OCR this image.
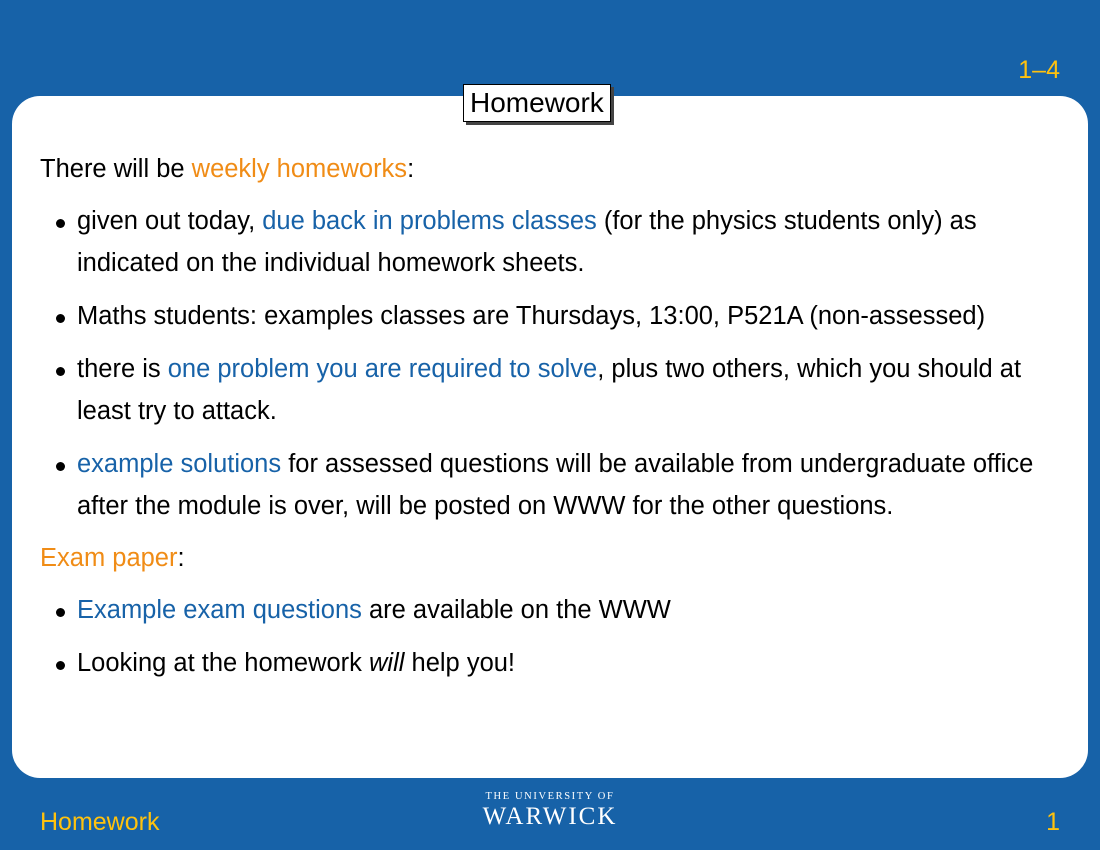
1–4
Homework

There will be weekly homeworks:

given out today, due back in problems classes (for the physics students only) as indicated on the individual homework sheets.
Maths students: examples classes are Thursdays, 13:00, P521A (non-assessed)
there is one problem you are required to solve, plus two others, which you should at least try to attack.
example solutions for assessed questions will be available from undergraduate office after the module is over, will be posted on WWW for the other questions.

Exam paper:

Example exam questions are available on the WWW
Looking at the homework will help you!
Homework
THE UNIVERSITY OF
WARWICK	1
